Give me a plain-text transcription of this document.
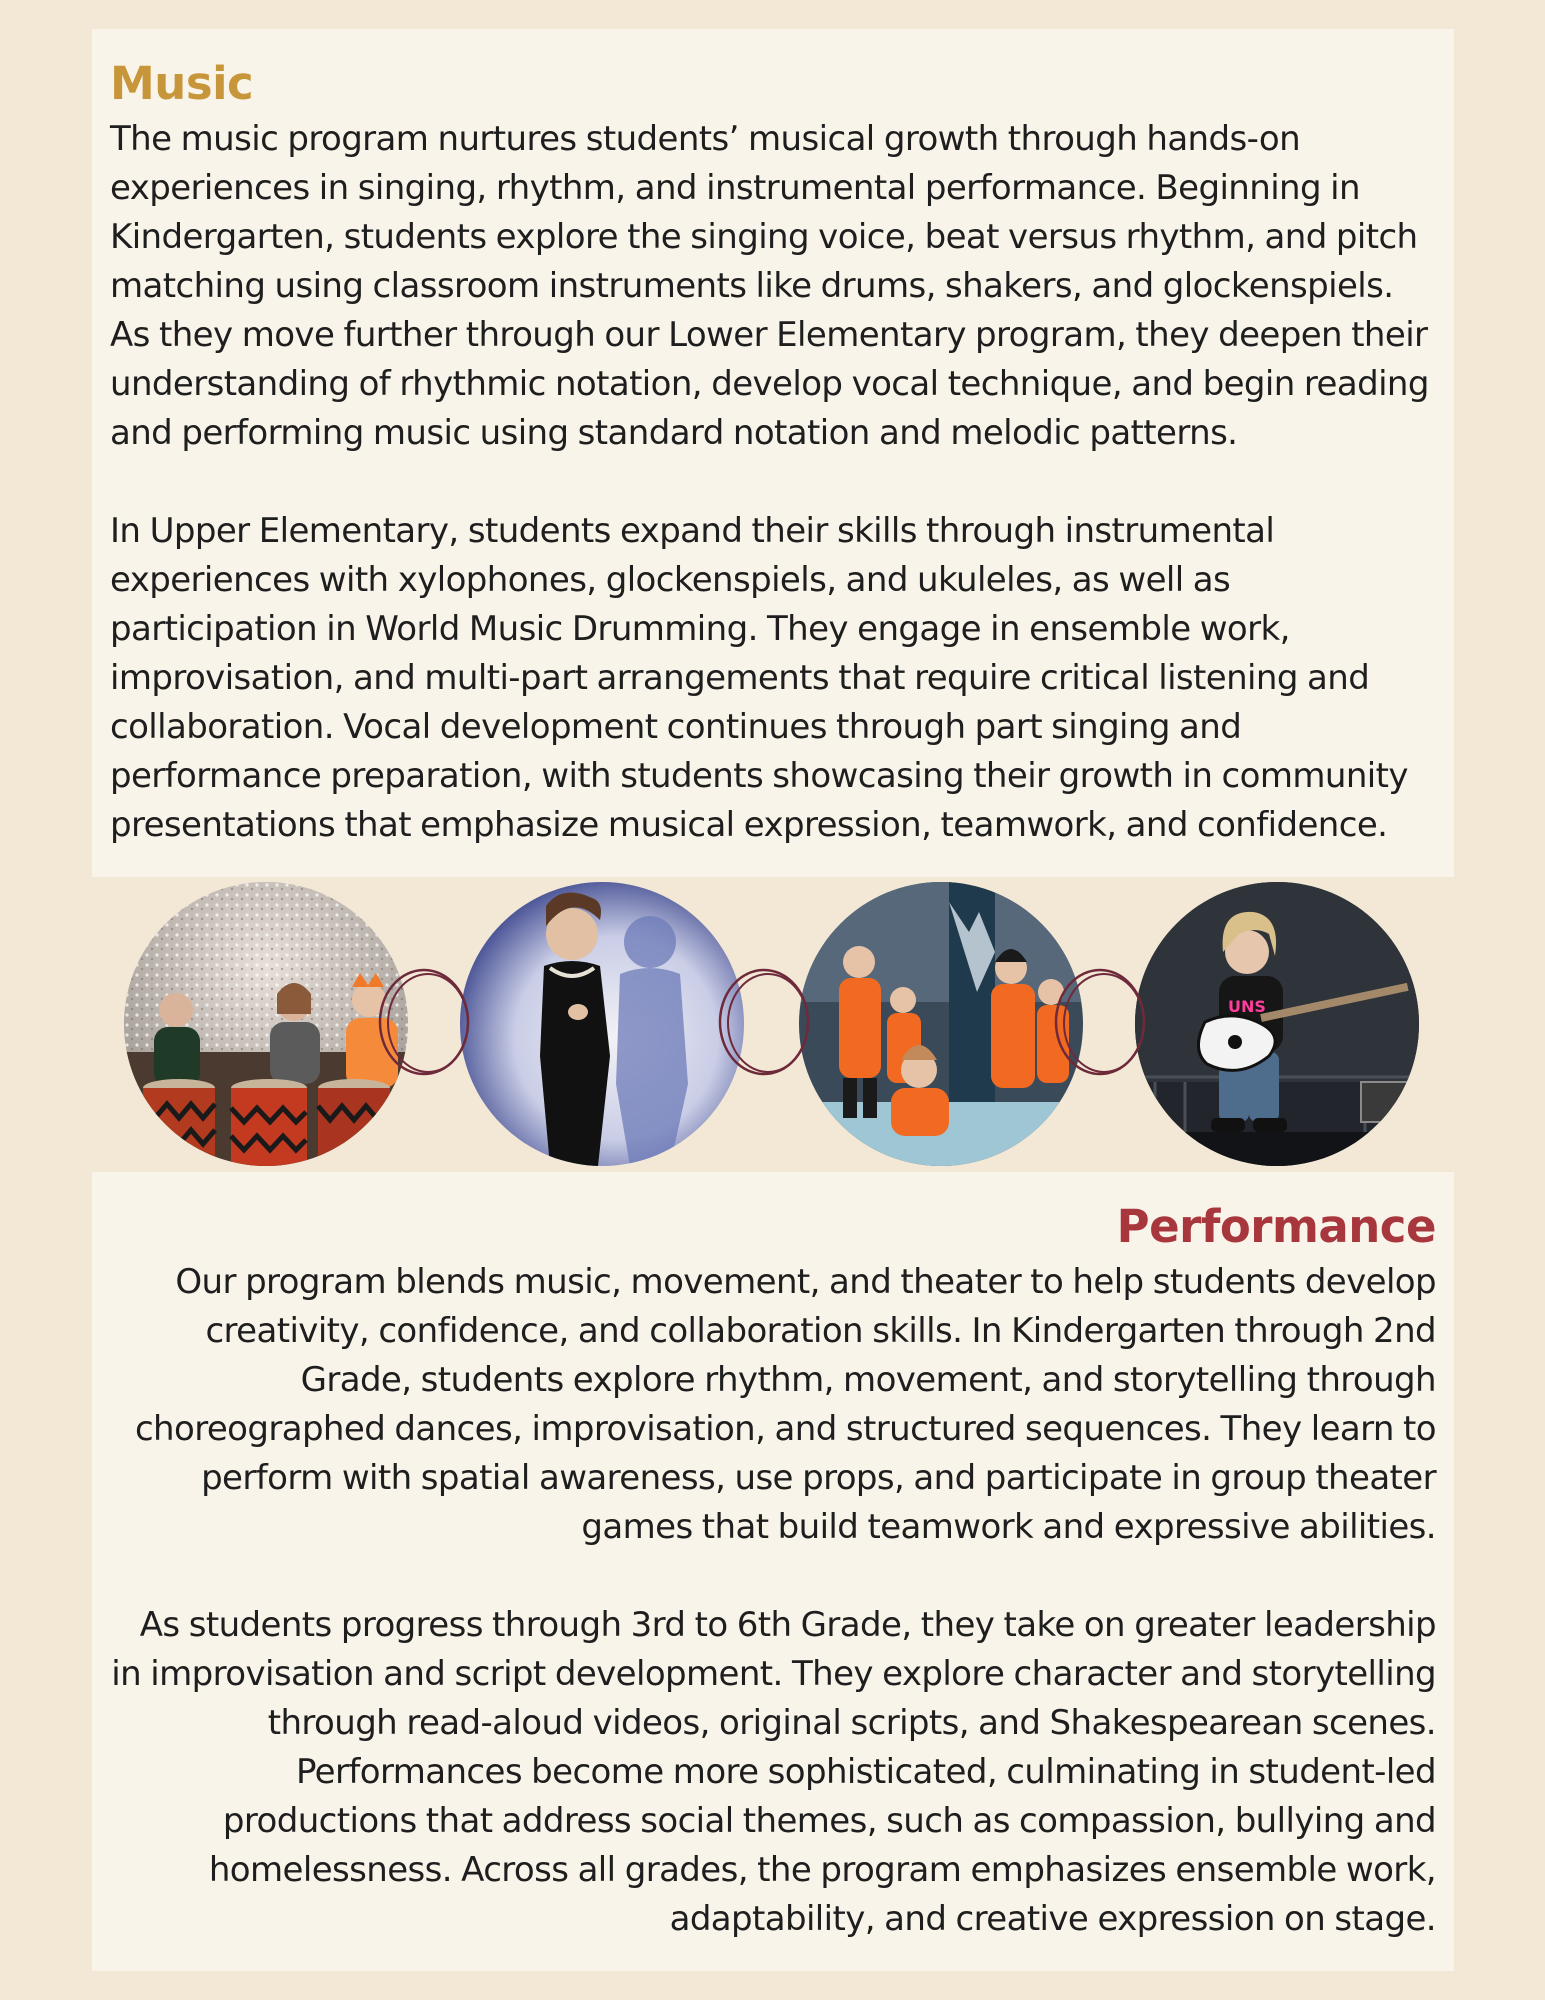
Music

The music program nurtures students’ musical growth through hands-on
experiences in singing, rhythm, and instrumental performance. Beginning in
Kindergarten, students explore the singing voice, beat versus rhythm, and pitch
matching using classroom instruments like drums, shakers, and glockenspiels.
As they move further through our Lower Elementary program, they deepen their
understanding of rhythmic notation, develop vocal technique, and begin reading
and performing music using standard notation and melodic patterns.

In Upper Elementary, students expand their skills through instrumental
experiences with xylophones, glockenspiels, and ukuleles, as well as
participation in World Music Drumming. They engage in ensemble work,
improvisation, and multi-part arrangements that require critical listening and
collaboration. Vocal development continues through part singing and
performance preparation, with students showcasing their growth in community
presentations that emphasize musical expression, teamwork, and confidence.

UNS
Performance

Our program blends music, movement, and theater to help students develop
creativity, confidence, and collaboration skills. In Kindergarten through 2nd
Grade, students explore rhythm, movement, and storytelling through
choreographed dances, improvisation, and structured sequences. They learn to
perform with spatial awareness, use props, and participate in group theater
games that build teamwork and expressive abilities.

As students progress through 3rd to 6th Grade, they take on greater leadership
in improvisation and script development. They explore character and storytelling
through read-aloud videos, original scripts, and Shakespearean scenes.
Performances become more sophisticated, culminating in student-led
productions that address social themes, such as compassion, bullying and
homelessness. Across all grades, the program emphasizes ensemble work,
adaptability, and creative expression on stage.
